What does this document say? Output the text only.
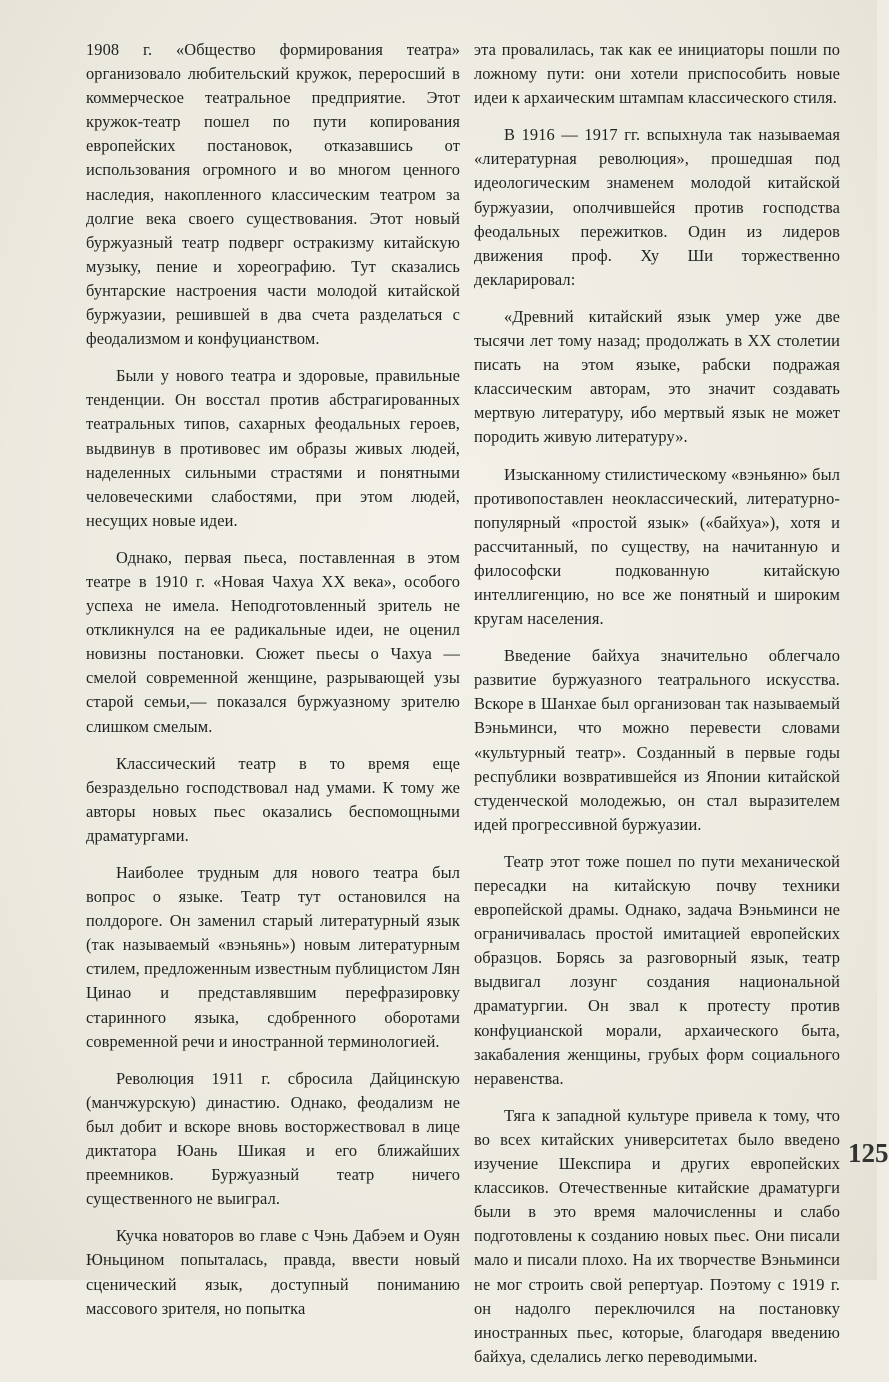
1908 г. «Общество формирования театра» организовало любительский кружок, переросший в коммерческое театральное предприятие. Этот кружок-театр пошел по пути копирования европейских постановок, отказавшись от использования огромного и во многом ценного наследия, накопленного классическим театром за долгие века своего существования. Этот новый буржуазный театр подверг остракизму китайскую музыку, пение и хореографию. Тут сказались бунтарские настроения части молодой китайской буржуазии, решившей в два счета разделаться с феодализмом и конфуцианством.

Были у нового театра и здоровые, правильные тенденции. Он восстал против абстрагированных театральных типов, сахарных феодальных героев, выдвинув в противовес им образы живых людей, наделенных сильными страстями и понятными человеческими слабостями, при этом людей, несущих новые идеи.

Однако, первая пьеса, поставленная в этом театре в 1910 г. «Новая Чахуа XX века», особого успеха не имела. Неподготовленный зритель не откликнулся на ее радикальные идеи, не оценил новизны постановки. Сюжет пьесы о Чахуа — смелой современной женщине, разрывающей узы старой семьи,— показался буржуазному зрителю слишком смелым.

Классический театр в то время еще безраздельно господствовал над умами. К тому же авторы новых пьес оказались беспомощными драматургами.

Наиболее трудным для нового театра был вопрос о языке. Театр тут остановился на полдороге. Он заменил старый литературный язык (так называемый «вэньянь») новым литературным стилем, предложенным известным публицистом Лян Цинао и представлявшим перефразировку старинного языка, сдобренного оборотами современной речи и иностранной терминологией.

Революция 1911 г. сбросила Дайцинскую (манчжурскую) династию. Однако, феодализм не был добит и вскоре вновь восторжествовал в лице диктатора Юань Шикая и его ближайших преемников. Буржуазный театр ничего существенного не выиграл.

Кучка новаторов во главе с Чэнь Дабэем и Оуян Юньцином попыталась, правда, ввести новый сценический язык, доступный пониманию массового зрителя, но попытка

эта провалилась, так как ее инициаторы пошли по ложному пути: они хотели приспособить новые идеи к архаическим штампам классического стиля.

В 1916 — 1917 гг. вспыхнула так называемая «литературная революция», прошедшая под идеологическим знаменем молодой китайской буржуазии, ополчившейся против господства феодальных пережитков. Один из лидеров движения проф. Ху Ши торжественно декларировал:

«Древний китайский язык умер уже две тысячи лет тому назад; продолжать в XX столетии писать на этом языке, рабски подражая классическим авторам, это значит создавать мертвую литературу, ибо мертвый язык не может породить живую литературу».

Изысканному стилистическому «вэньяню» был противопоставлен неоклассический, литературно-популярный «простой язык» («байхуа»), хотя и рассчитанный, по существу, на начитанную и философски подкованную китайскую интеллигенцию, но все же понятный и широким кругам населения.

Введение байхуа значительно облегчало развитие буржуазного театрального искусства. Вскоре в Шанхае был организован так называемый Вэньминси, что можно перевести словами «культурный театр». Созданный в первые годы республики возвратившейся из Японии китайской студенческой молодежью, он стал выразителем идей прогрессивной буржуазии.

Театр этот тоже пошел по пути механической пересадки на китайскую почву техники европейской драмы. Однако, задача Вэньминси не ограничивалась простой имитацией европейских образцов. Борясь за разговорный язык, театр выдвигал лозунг создания национальной драматургии. Он звал к протесту против конфуцианской морали, архаического быта, закабаления женщины, грубых форм социального неравенства.

Тяга к западной культуре привела к тому, что во всех китайских университетах было введено изучение Шекспира и других европейских классиков. Отечественные китайские драматурги были в это время малочисленны и слабо подготовлены к созданию новых пьес. Они писали мало и писали плохо. На их творчестве Вэньминси не мог строить свой репертуар. Поэтому с 1919 г. он надолго переключился на постановку иностранных пьес, которые, благодаря введению байхуа, сделались легко переводимыми.

125
